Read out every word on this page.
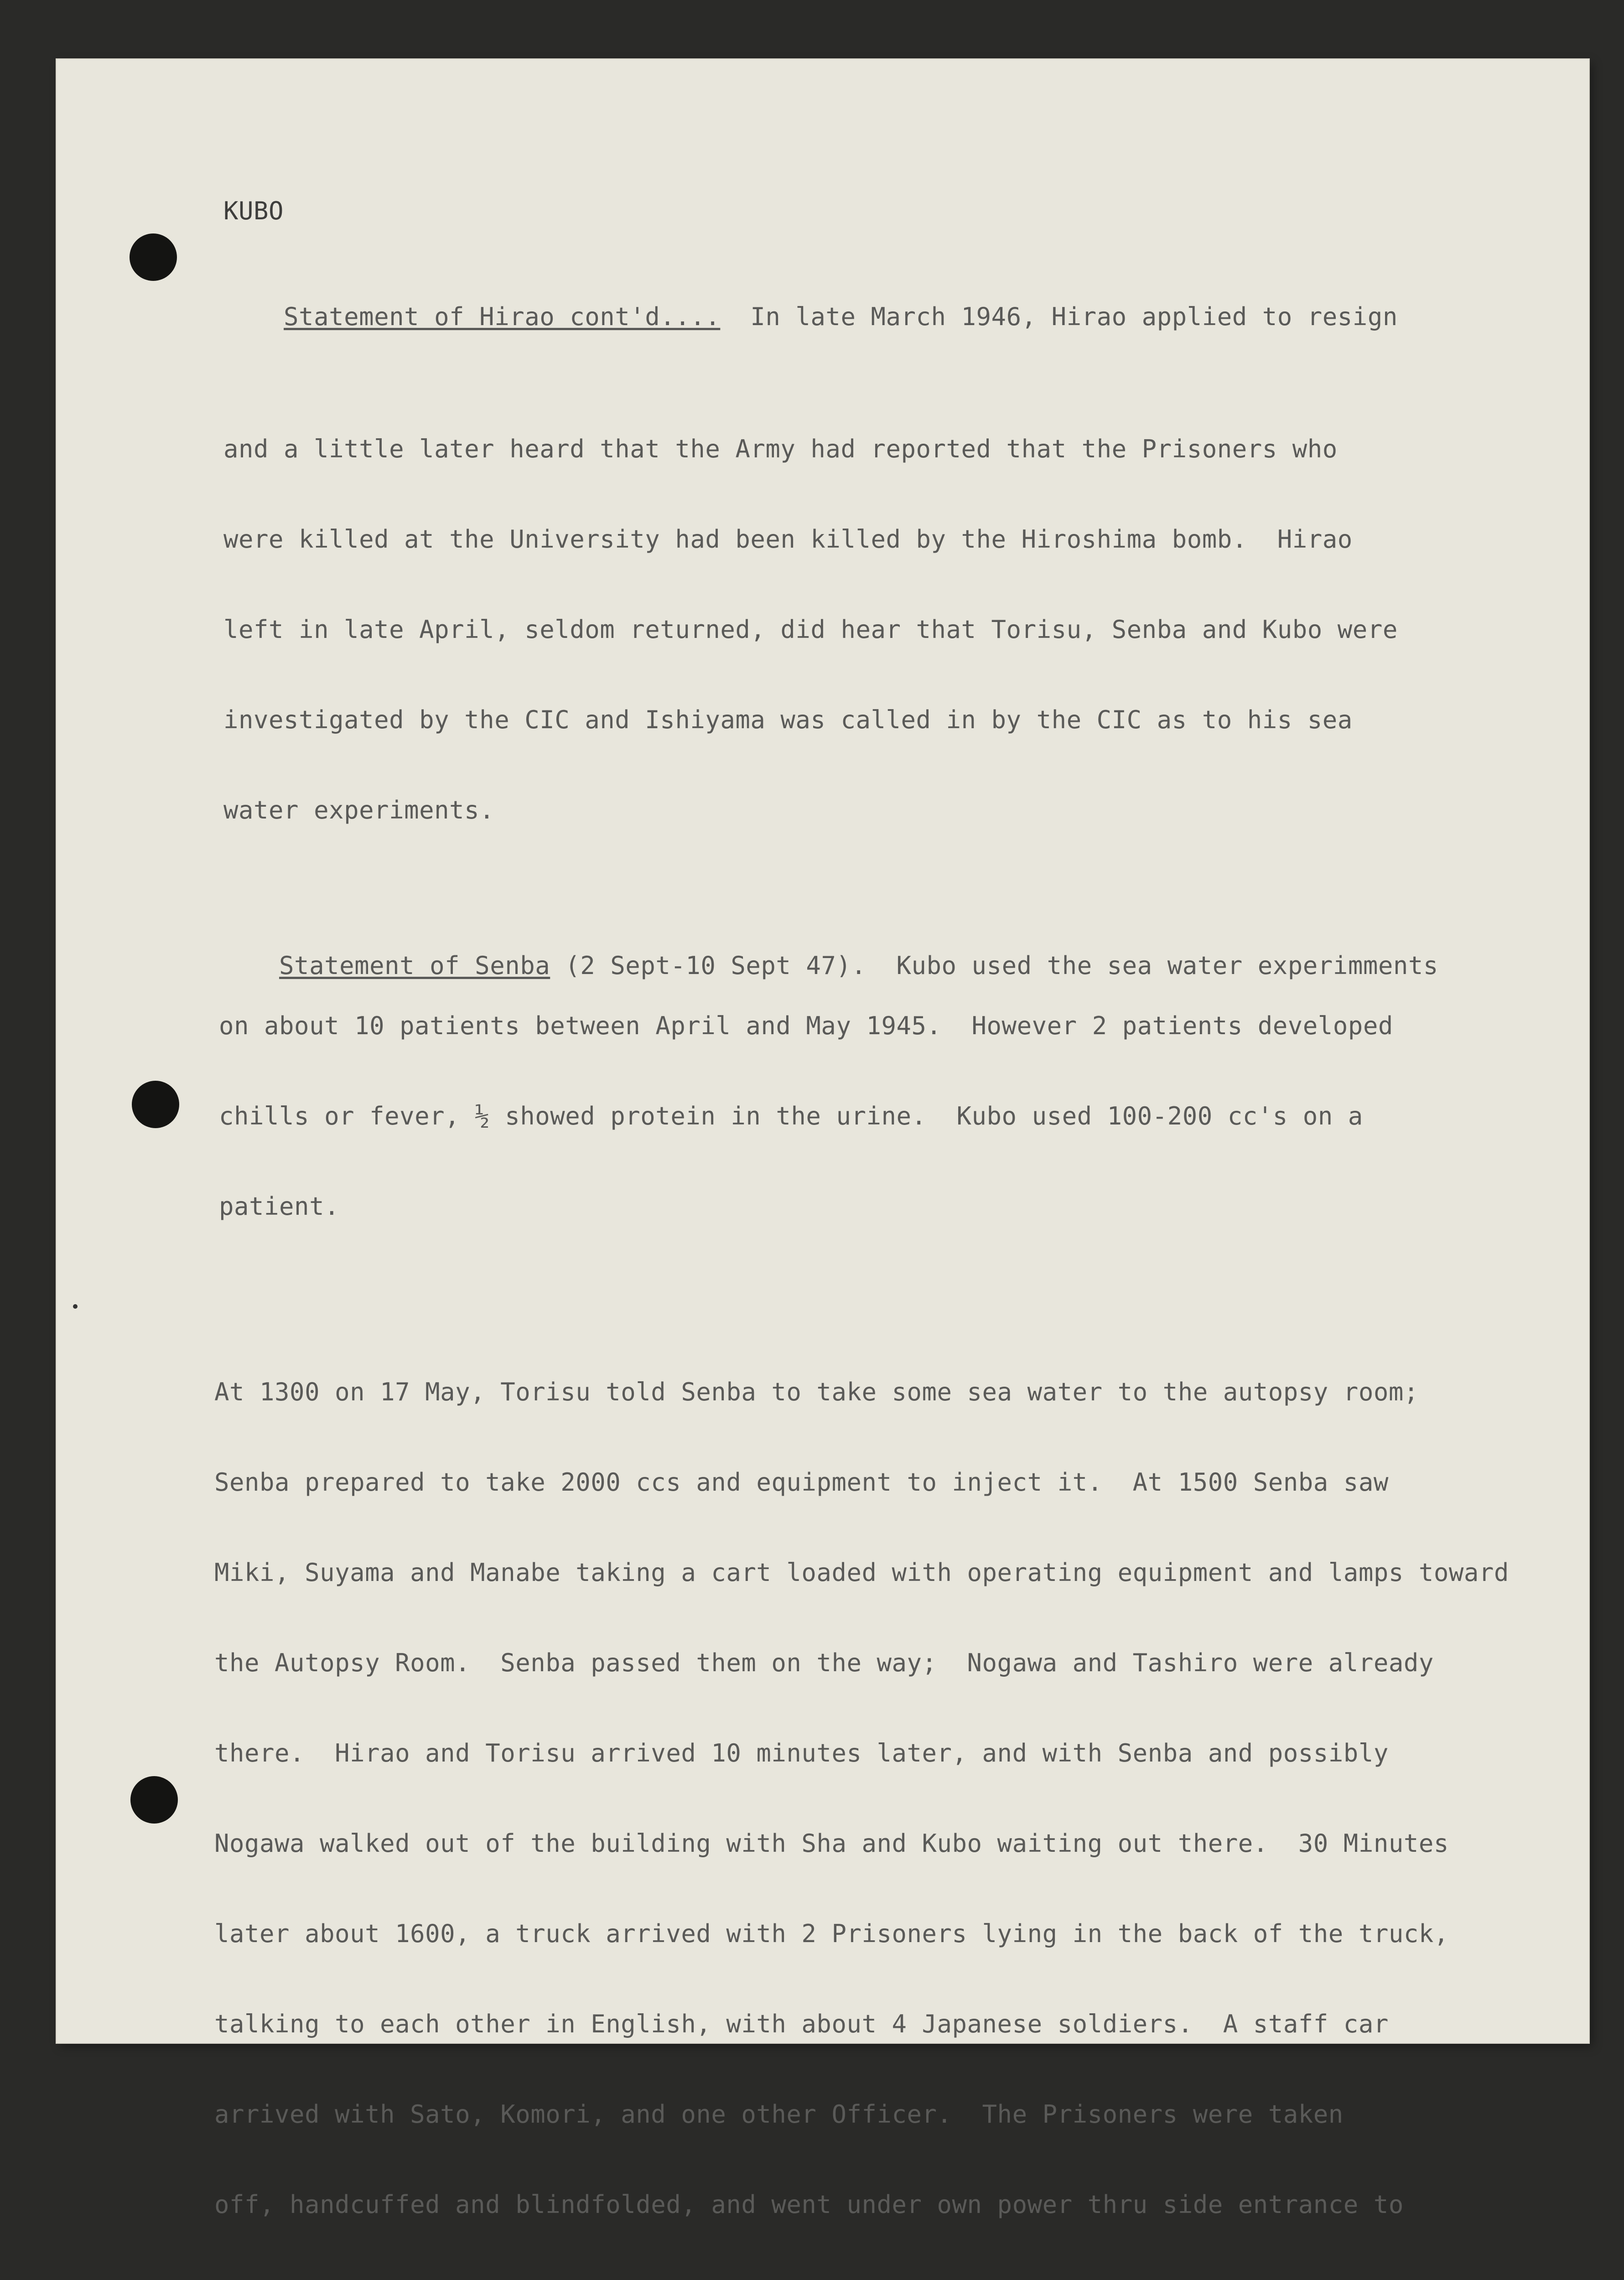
KUBO

Statement of Hirao cont'd....  In late March 1946, Hirao applied to resign

and a little later heard that the Army had reported that the Prisoners who

were killed at the University had been killed by the Hiroshima bomb.  Hirao

left in late April, seldom returned, did hear that Torisu, Senba and Kubo were

investigated by the CIC and Ishiyama was called in by the CIC as to his sea

water experiments.

Statement of Senba (2 Sept-10 Sept 47).  Kubo used the sea water experimments

on about 10 patients between April and May 1945.  However 2 patients developed

chills or fever, ½ showed protein in the urine.  Kubo used 100-200 cc's on a

patient.

At 1300 on 17 May, Torisu told Senba to take some sea water to the autopsy room;

Senba prepared to take 2000 ccs and equipment to inject it.  At 1500 Senba saw

Miki, Suyama and Manabe taking a cart loaded with operating equipment and lamps toward

the Autopsy Room.  Senba passed them on the way;  Nogawa and Tashiro were already

there.  Hirao and Torisu arrived 10 minutes later, and with Senba and possibly

Nogawa walked out of the building with Sha and Kubo waiting out there.  30 Minutes

later about 1600, a truck arrived with 2 Prisoners lying in the back of the truck,

talking to each other in English, with about 4 Japanese soldiers.  A staff car

arrived with Sato, Komori, and one other Officer.  The Prisoners were taken

off, handcuffed and blindfolded, and went under own power thru side entrance to
